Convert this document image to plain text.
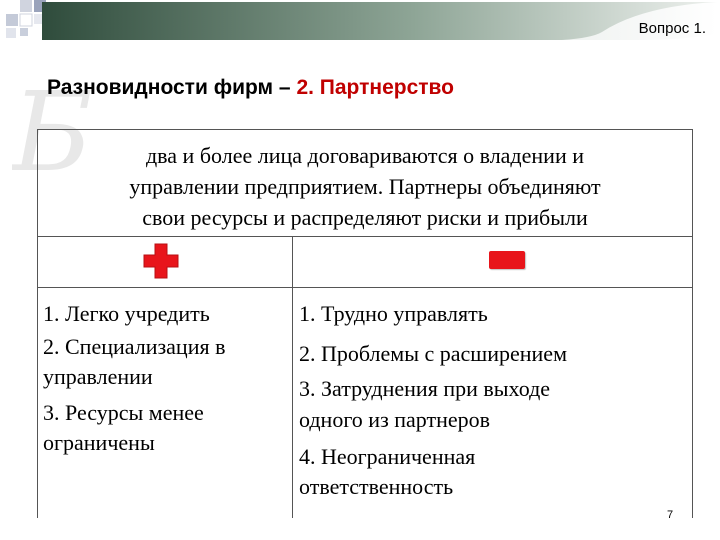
Вопрос 1.
Б
Разновидности фирм – 2. Партнерство
два и более лица договариваются о владении и
управлении предприятием. Партнеры объединяют
свои ресурсы и распределяют риски и прибыли
1. Легко учредить
2. Специализация в
управлении
3. Ресурсы менее
ограничены
1. Трудно управлять
2. Проблемы с расширением
3. Затруднения при выходе
одного из партнеров
4. Неограниченная
ответственность
7
